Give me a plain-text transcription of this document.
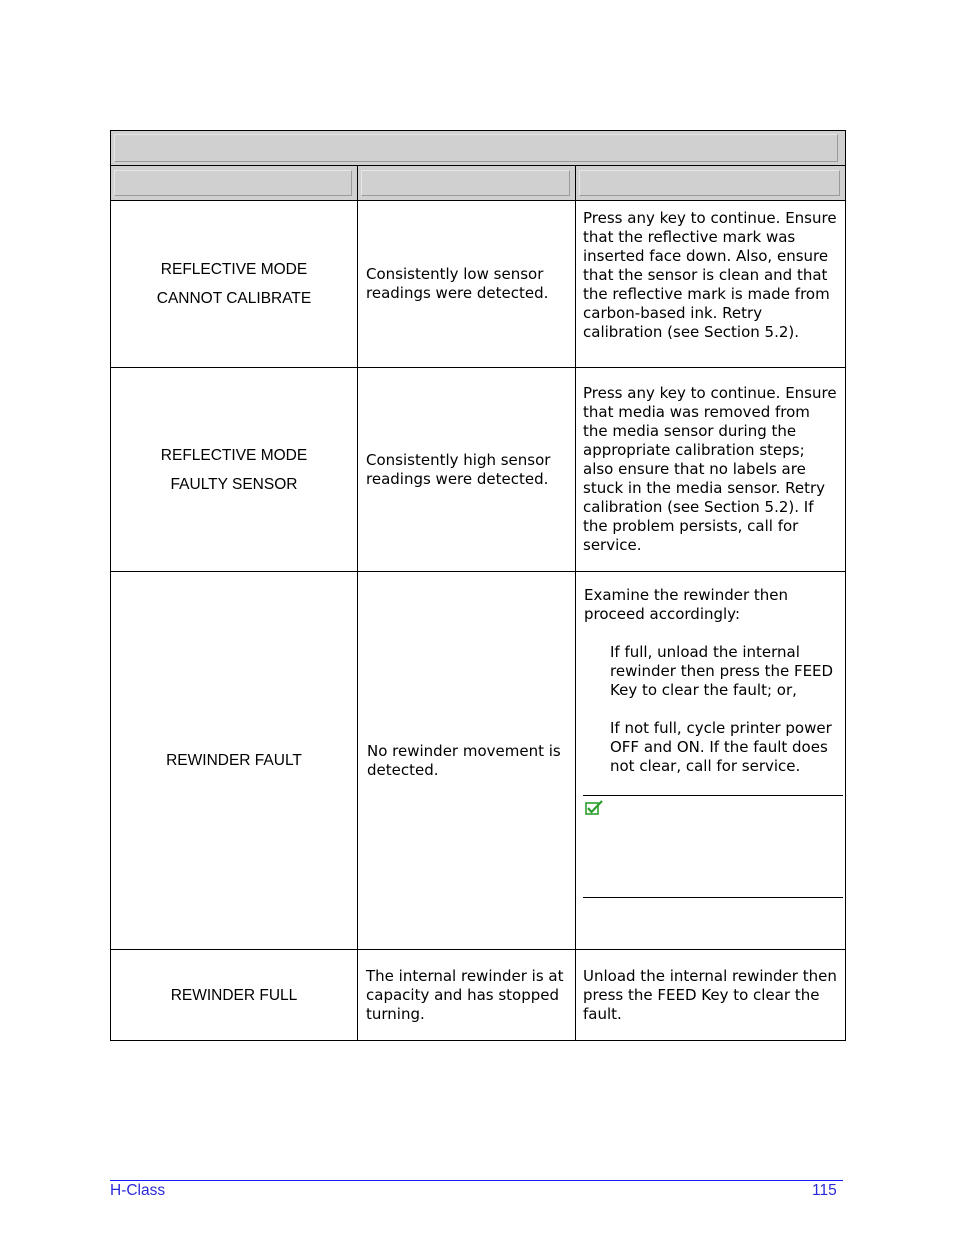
REFLECTIVE MODE
CANNOT CALIBRATE
Consistently low sensor readings were detected.

Press any key to continue. Ensure that the reflective mark was inserted face down. Also, ensure that the sensor is clean and that the reflective mark is made from carbon-based ink. Retry calibration (see Section 5.2).

REFLECTIVE MODE
FAULTY SENSOR
Consistently high sensor readings were detected.

Press any key to continue. Ensure that media was removed from the media sensor during the appropriate calibration steps; also ensure that no labels are stuck in the media sensor. Retry calibration (see Section 5.2). If the problem persists, call for service.

REWINDER FAULT
No rewinder movement is detected.

Examine the rewinder then proceed accordingly:

If full, unload the internal rewinder then press the FEED Key to clear the fault; or,

If not full, cycle printer power OFF and ON. If the fault does not clear, call for service.

REWINDER FULL
The internal rewinder is at capacity and has stopped turning.

Unload the internal rewinder then press the FEED Key to clear the fault.

H-Class	115
